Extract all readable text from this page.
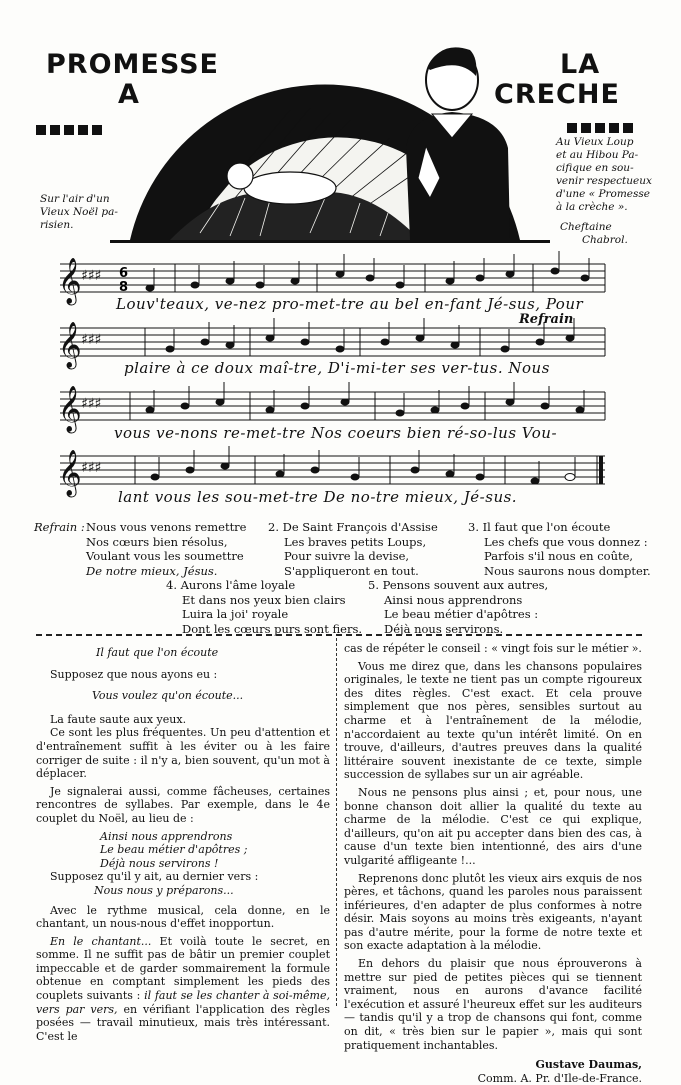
PROMESSE
A
LA
CRECHE
Sur l'air d'un
Vieux Noël pa-
risien.
Au Vieux Loup
et au Hibou Pa-
cifique en sou-
venir respectueux
d'une « Promesse
à la crèche ».
Cheftaine
Chabrol.
𝄞 ♯♯♯
𝄞 ♯♯♯
𝄞 ♯♯♯
𝄞 ♯♯♯
6
8
Refrain
Louv'teaux, ve-nez pro-met-tre au bel en-fant Jé-sus, Pour
plaire à ce doux maî-tre, D'i-mi-ter ses ver-tus. Nous
vous ve-nons re-met-tre Nos coeurs bien ré-so-lus Vou-
lant vous les sou-met-tre De no-tre mieux, Jé-sus.
Refrain : Nous vous venons remettre
Nos cœurs bien résolus,
Voulant vous les soumettre
De notre mieux, Jésus.
2. De Saint François d'Assise
Les braves petits Loups,
Pour suivre la devise,
S'appliqueront en tout.
3. Il faut que l'on écoute
Les chefs que vous donnez :
Parfois s'il nous en coûte,
Nous saurons nous dompter.
4. Aurons l'âme loyale
Et dans nos yeux bien clairs
Luira la joi' royale
Dont les cœurs purs sont fiers.
5. Pensons souvent aux autres,
Ainsi nous apprendrons
Le beau métier d'apôtres :
Déjà nous servirons.

Il faut que l'on écoute

Supposez que nous ayons eu :

Vous voulez qu'on écoute...

La faute saute aux yeux.

Ce sont les plus fréquentes. Un peu d'attention et d'entraînement suffit à les éviter ou à les faire corriger de suite : il n'y a, bien souvent, qu'un mot à déplacer.

Je signalerai aussi, comme fâcheuses, certaines rencontres de syllabes. Par exemple, dans le 4e couplet du Noël, au lieu de :

Ainsi nous apprendrons

Le beau métier d'apôtres ;

Déjà nous servirons !

Supposez qu'il y ait, au dernier vers :

Nous nous y préparons...

Avec le rythme musical, cela donne, en le chantant, un nous-nous d'effet inopportun.

En le chantant... Et voilà toute le secret, en somme. Il ne suffit pas de bâtir un premier couplet impeccable et de garder sommairement la formule obtenue en comptant simplement les pieds des couplets suivants : il faut se les chanter à soi-même, vers par vers, en vérifiant l'application des règles posées — travail minutieux, mais très intéressant. C'est le

cas de répéter le conseil : « vingt fois sur le métier ».

Vous me direz que, dans les chansons populaires originales, le texte ne tient pas un compte rigoureux des dites règles. C'est exact. Et cela prouve simplement que nos pères, sensibles surtout au charme et à l'entraînement de la mélodie, n'accordaient au texte qu'un intérêt limité. On en trouve, d'ailleurs, d'autres preuves dans la qualité littéraire souvent inexistante de ce texte, simple succession de syllabes sur un air agréable.

Nous ne pensons plus ainsi ; et, pour nous, une bonne chanson doit allier la qualité du texte au charme de la mélodie. C'est ce qui explique, d'ailleurs, qu'on ait pu accepter dans bien des cas, à cause d'un texte bien intentionné, des airs d'une vulgarité affligeante !...

Reprenons donc plutôt les vieux airs exquis de nos pères, et tâchons, quand les paroles nous paraissent inférieures, d'en adapter de plus conformes à notre désir. Mais soyons au moins très exigeants, n'ayant pas d'autre mérite, pour la forme de notre texte et son exacte adaptation à la mélodie.

En dehors du plaisir que nous éprouverons à mettre sur pied de petites pièces qui se tiennent vraiment, nous en aurons d'avance facilité l'exécution et assuré l'heureux effet sur les auditeurs — tandis qu'il y a trop de chansons qui font, comme on dit, « très bien sur le papier », mais qui sont pratiquement inchantables.

Gustave Daumas,

Comm. A. Pr. d'Ile-de-France.
